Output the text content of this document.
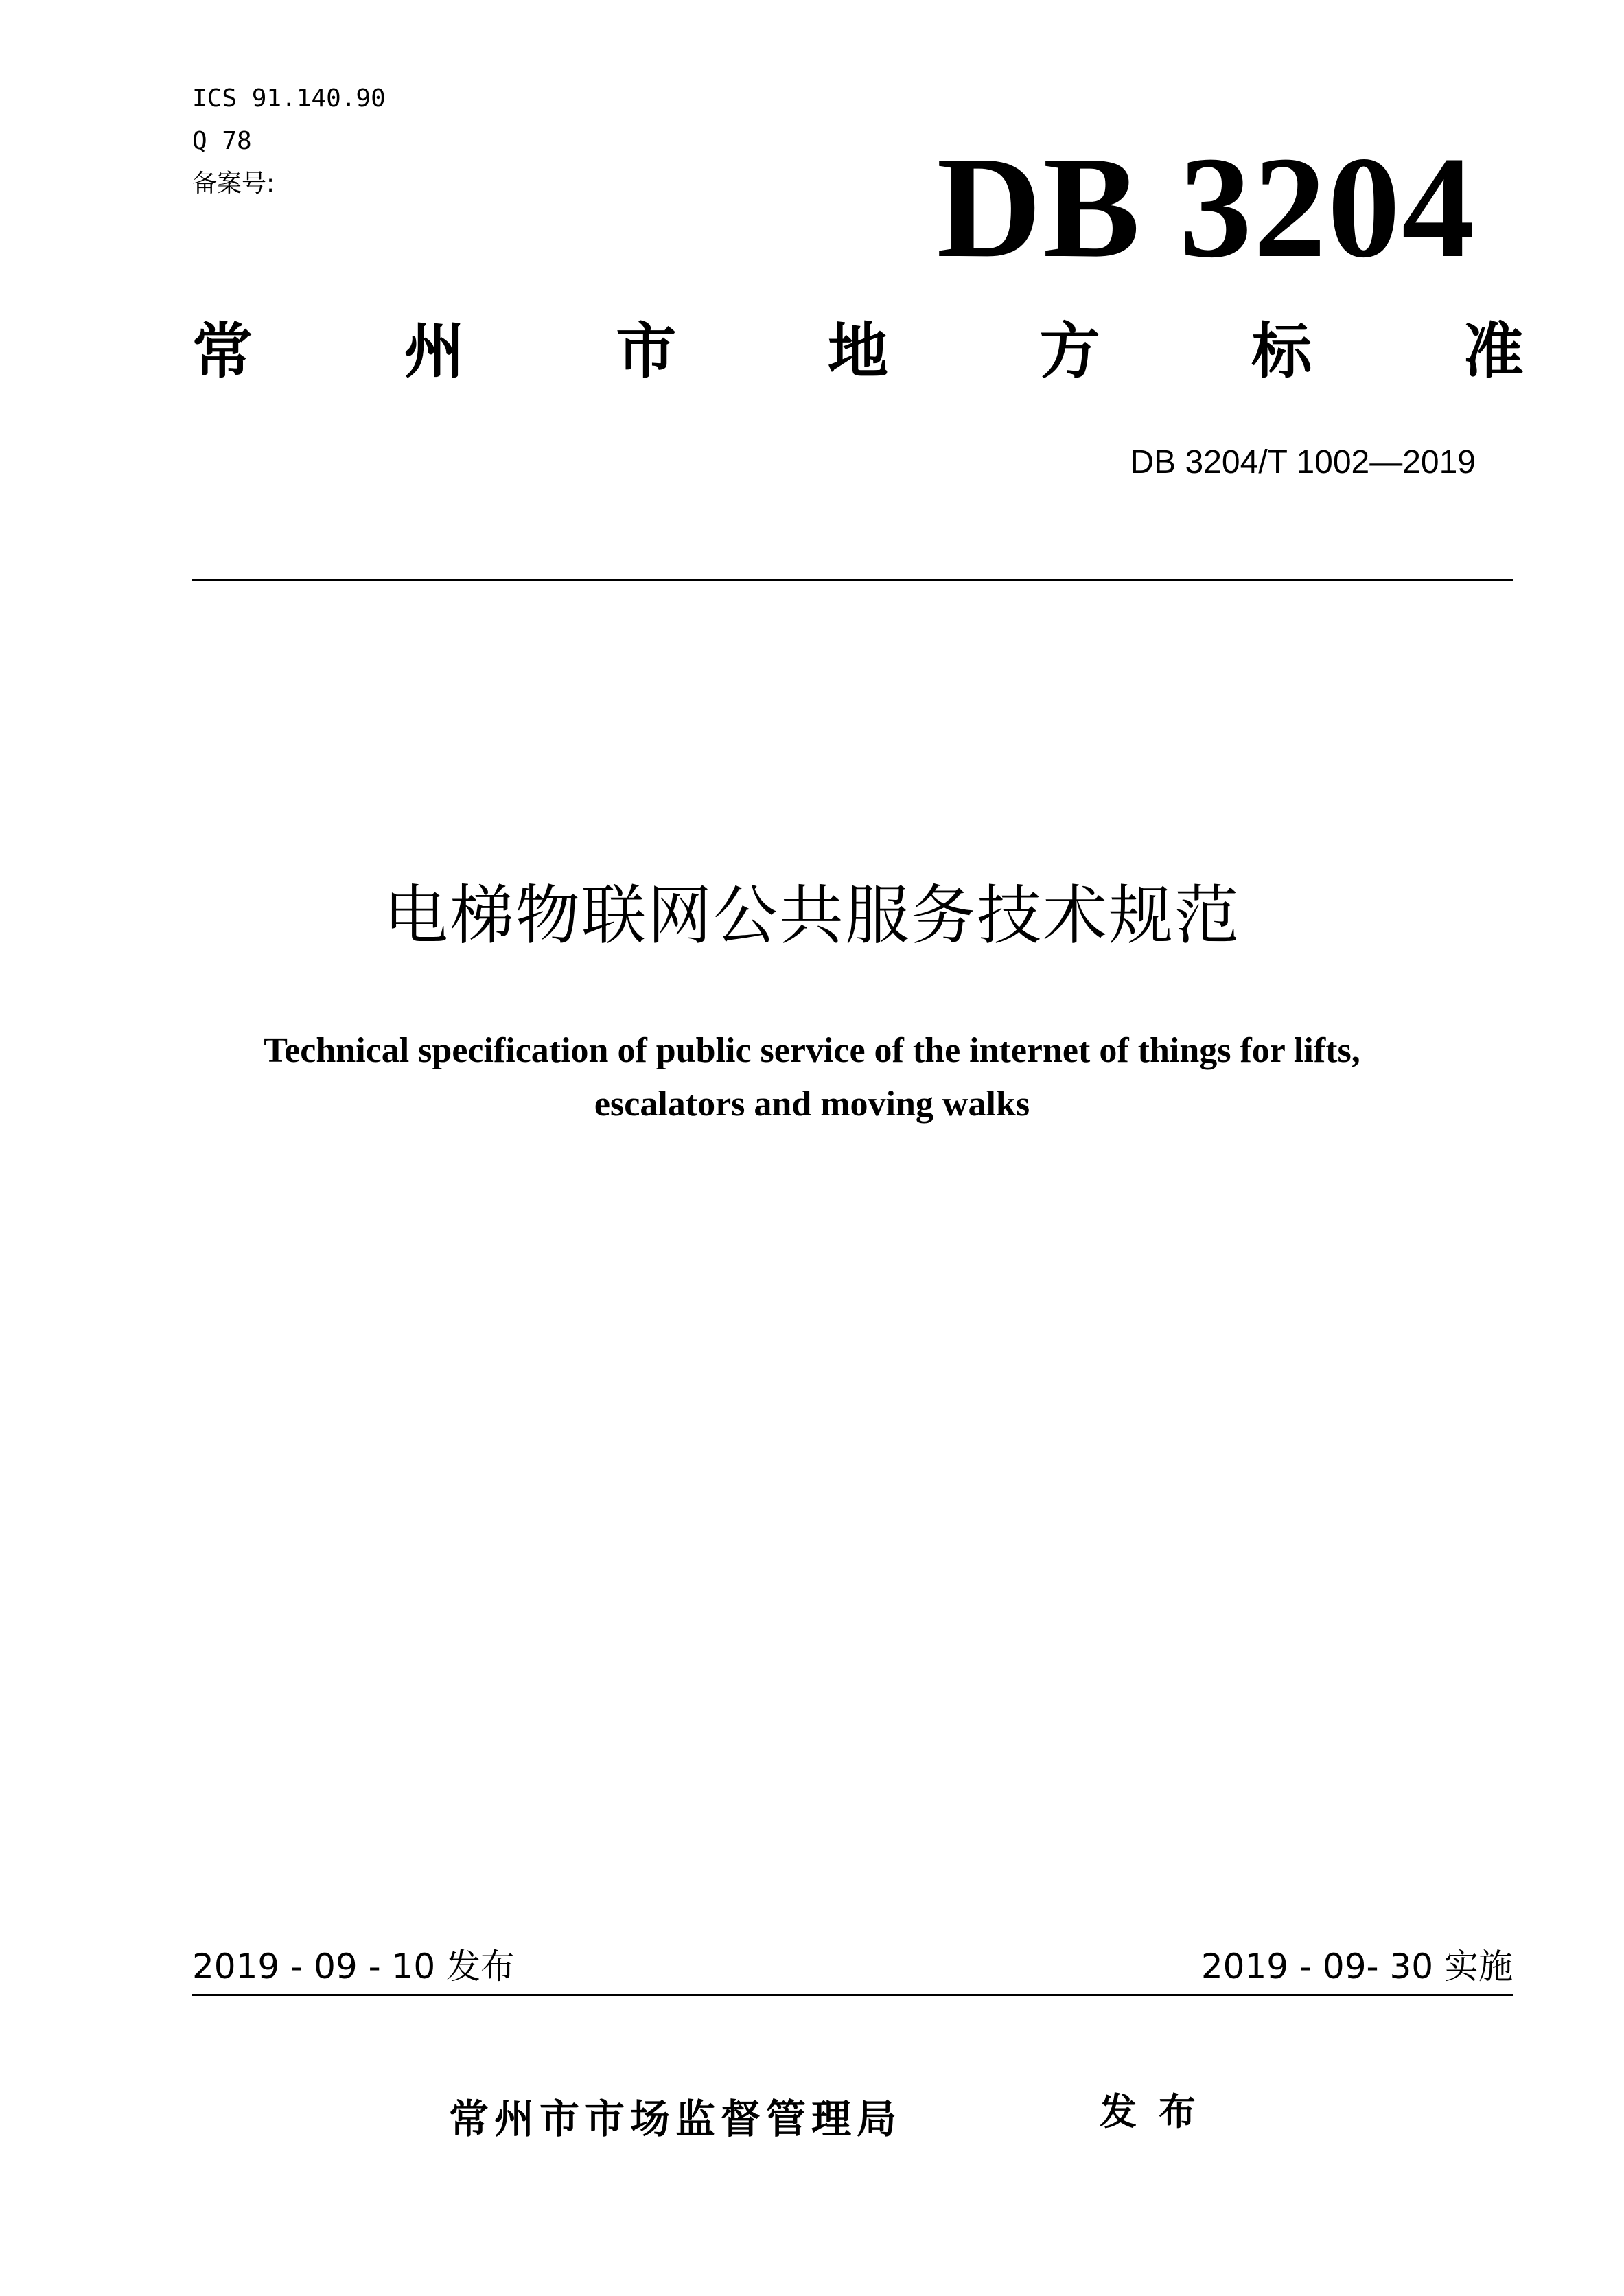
ICS 91.140.90
Q 78
备案号:	DB 3204
常	州	市	地	方	标	准
DB 3204/T 1002—2019
电梯物联网公共服务技术规范
Technical specification of public service of the internet of things for lifts,
escalators and moving walks
2019 - 09 - 10 发布	2019 - 09- 30 实施
常州市市场监督管理局	发布
